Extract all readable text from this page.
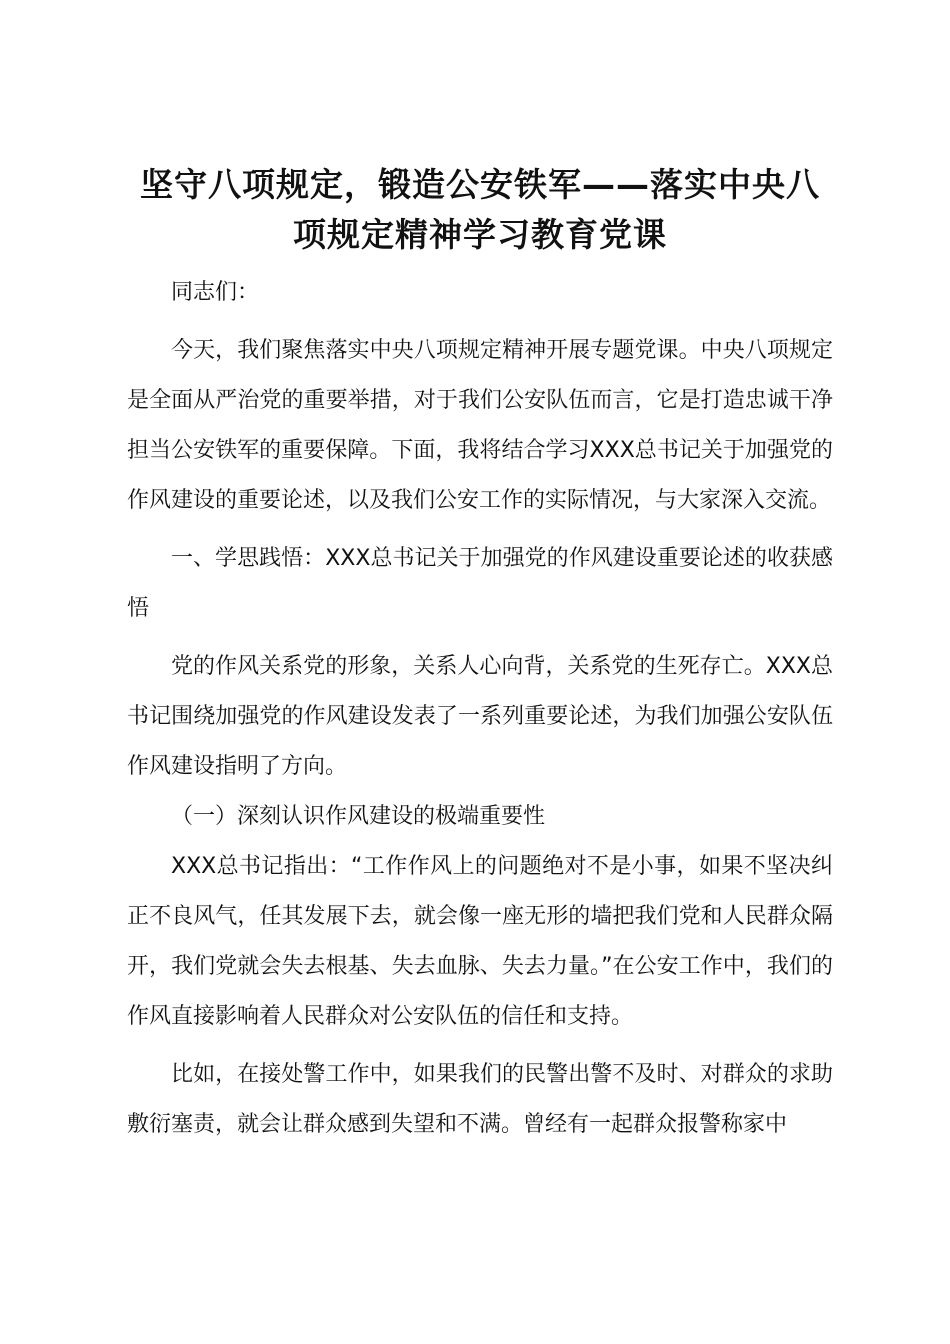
坚守八项规定，锻造公安铁军——落实中央八
项规定精神学习教育党课

同志们：

今天，我们聚焦落实中央八项规定精神开展专题党课。中央八项规定是全面从严治党的重要举措，对于我们公安队伍而言，它是打造忠诚干净担当公安铁军的重要保障。下面，我将结合学习XXX总书记关于加强党的作风建设的重要论述，以及我们公安工作的实际情况，与大家深入交流。

一、学思践悟：XXX总书记关于加强党的作风建设重要论述的收获感悟

党的作风关系党的形象，关系人心向背，关系党的生死存亡。XXX总书记围绕加强党的作风建设发表了一系列重要论述，为我们加强公安队伍作风建设指明了方向。

（一）深刻认识作风建设的极端重要性

XXX总书记指出：“工作作风上的问题绝对不是小事，如果不坚决纠正不良风气，任其发展下去，就会像一座无形的墙把我们党和人民群众隔开，我们党就会失去根基、失去血脉、失去力量。”在公安工作中，我们的作风直接影响着人民群众对公安队伍的信任和支持。

比如，在接处警工作中，如果我们的民警出警不及时、对群众的求助敷衍塞责，就会让群众感到失望和不满。曾经有一起群众报警称家中
